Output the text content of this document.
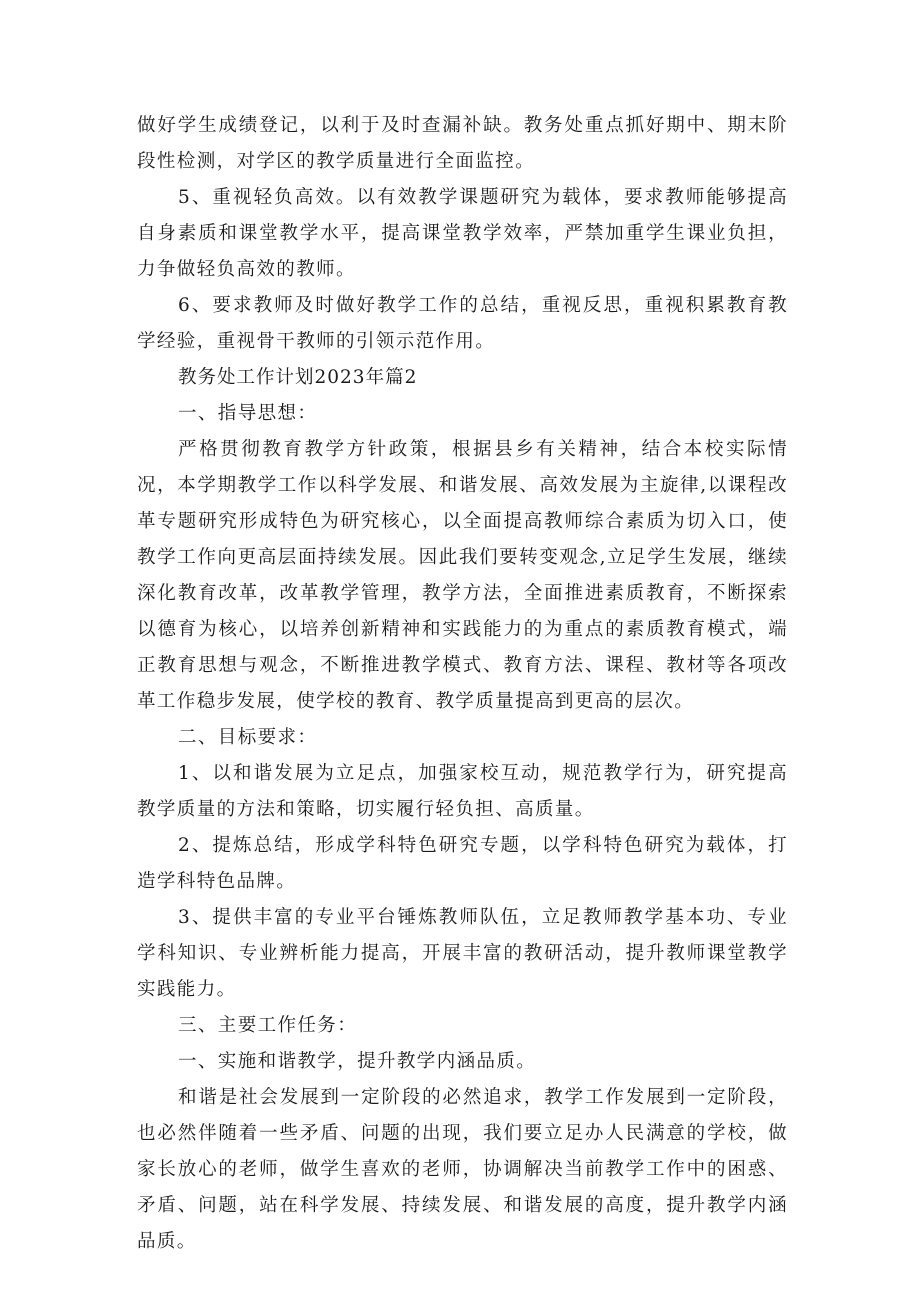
做好学生成绩登记，以利于及时查漏补缺。教务处重点抓好期中、期末阶段性检测，对学区的教学质量进行全面监控。

5、重视轻负高效。以有效教学课题研究为载体，要求教师能够提高自身素质和课堂教学水平，提高课堂教学效率，严禁加重学生课业负担，力争做轻负高效的教师。

6、要求教师及时做好教学工作的总结，重视反思，重视积累教育教学经验，重视骨干教师的引领示范作用。

教务处工作计划2023年篇2

一、指导思想：

严格贯彻教育教学方针政策，根据县乡有关精神，结合本校实际情况，本学期教学工作以科学发展、和谐发展、高效发展为主旋律,以课程改革专题研究形成特色为研究核心，以全面提高教师综合素质为切入口，使教学工作向更高层面持续发展。因此我们要转变观念,立足学生发展，继续深化教育改革，改革教学管理，教学方法，全面推进素质教育，不断探索以德育为核心，以培养创新精神和实践能力的为重点的素质教育模式，端正教育思想与观念，不断推进教学模式、教育方法、课程、教材等各项改革工作稳步发展，使学校的教育、教学质量提高到更高的层次。

二、目标要求：

1、以和谐发展为立足点，加强家校互动，规范教学行为，研究提高教学质量的方法和策略，切实履行轻负担、高质量。

2、提炼总结，形成学科特色研究专题，以学科特色研究为载体，打造学科特色品牌。

3、提供丰富的专业平台锤炼教师队伍，立足教师教学基本功、专业学科知识、专业辨析能力提高，开展丰富的教研活动，提升教师课堂教学实践能力。

三、主要工作任务：

一、实施和谐教学，提升教学内涵品质。

和谐是社会发展到一定阶段的必然追求，教学工作发展到一定阶段，也必然伴随着一些矛盾、问题的出现，我们要立足办人民满意的学校，做家长放心的老师，做学生喜欢的老师，协调解决当前教学工作中的困惑、矛盾、问题，站在科学发展、持续发展、和谐发展的高度，提升教学内涵品质。
